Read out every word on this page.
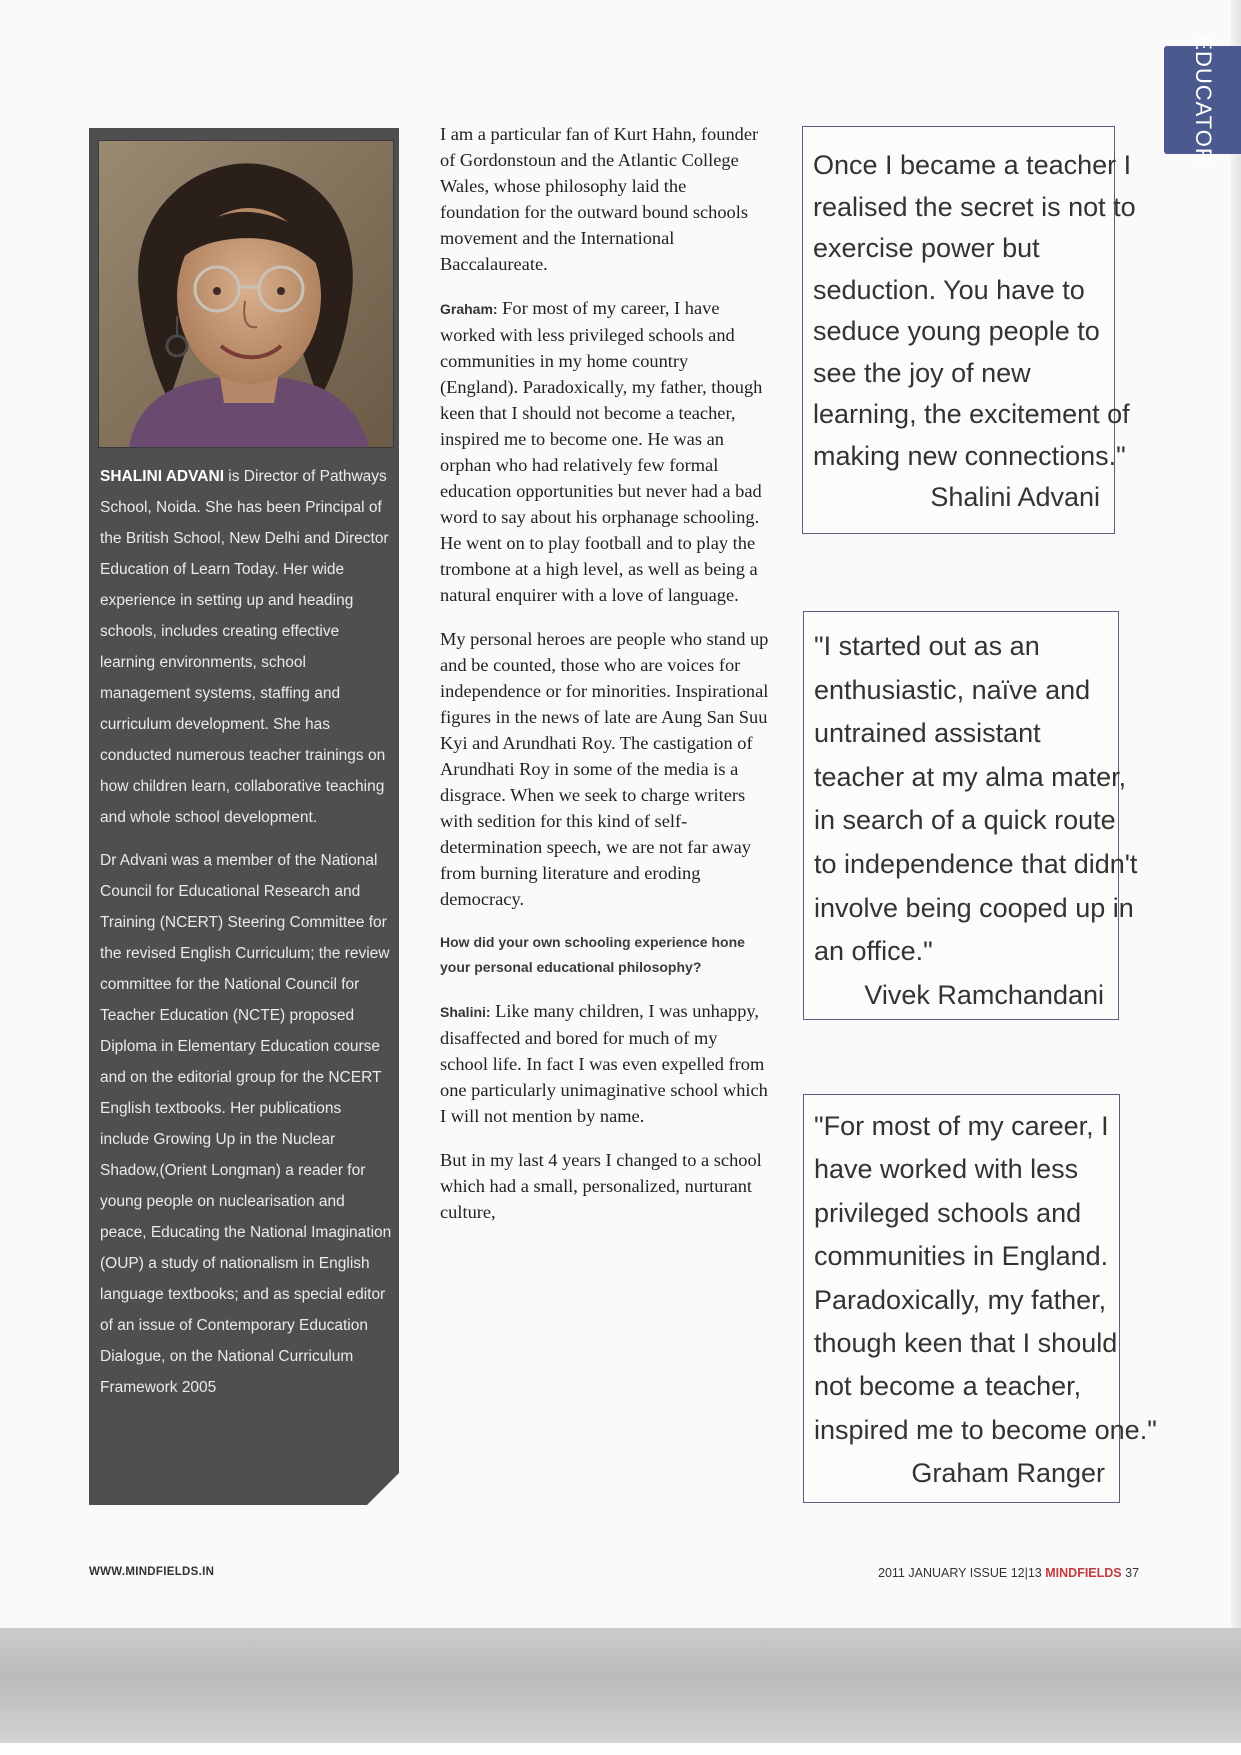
EDUCATOR

SHALINI ADVANI is Director of Pathways School, Noida. She has been Principal of the British School, New Delhi and Director Education of Learn Today. Her wide experience in setting up and heading schools, includes creating effective learning environments, school management systems, staffing and curriculum development. She has conducted numerous teacher trainings on how children learn, collaborative teaching and whole school development.

Dr Advani was a member of the National Council for Educational Research and Training (NCERT) Steering Committee for the revised English Curriculum; the review committee for the National Council for Teacher Education (NCTE) proposed Diploma in Elementary Education course and on the editorial group for the NCERT English textbooks. Her publications include Growing Up in the Nuclear Shadow,(Orient Longman) a reader for young people on nuclearisation and peace, Educating the National Imagination (OUP) a study of nationalism in English language textbooks; and as special editor of an issue of Contemporary Education Dialogue, on the National Curriculum Framework 2005

I am a particular fan of Kurt Hahn, founder of Gordonstoun and the Atlantic College Wales, whose philosophy laid the foundation for the outward bound schools movement and the International Baccalaureate.

Graham: For most of my career, I have worked with less privileged schools and communities in my home country (England). Paradoxically, my father, though keen that I should not become a teacher, inspired me to become one. He was an orphan who had relatively few formal education opportunities but never had a bad word to say about his orphanage schooling. He went on to play football and to play the trombone at a high level, as well as being a natural enquirer with a love of language.

My personal heroes are people who stand up and be counted, those who are voices for independence or for minorities. Inspirational figures in the news of late are Aung San Suu Kyi and Arundhati Roy. The castigation of Arundhati Roy in some of the media is a disgrace. When we seek to charge writers with sedition for this kind of self-determination speech, we are not far away from burning literature and eroding democracy.

How did your own schooling experience hone your personal educational philosophy?

Shalini: Like many children, I was unhappy, disaffected and bored for much of my school life. In fact I was even expelled from one particularly unimaginative school which I will not mention by name.

But in my last 4 years I changed to a school which had a small, personalized, nurturant culture,

Once I became a teacher I
realised the secret is not to
exercise power but
seduction. You have to
seduce young people to
see the joy of new
learning, the excitement of
making new connections."
Shalini Advani
"I started out as an
enthusiastic, naïve and
untrained assistant
teacher at my alma mater,
in search of a quick route
to independence that didn't
involve being cooped up in
an office."
Vivek Ramchandani
"For most of my career, I
have worked with less
privileged schools and
communities in England.
Paradoxically, my father,
though keen that I should
not become a teacher,
inspired me to become one."
Graham Ranger
WWW.MINDFIELDS.IN	2011 JANUARY ISSUE 12|13 MINDFIELDS 37
